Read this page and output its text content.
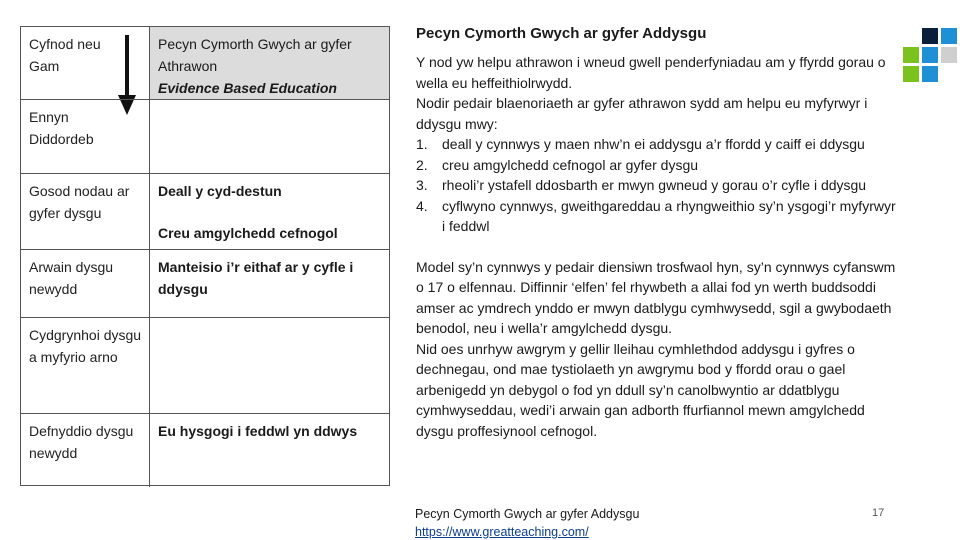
Cyfnod neu Gam
Pecyn Cymorth Gwych ar gyfer Athrawon
Evidence Based Education
Ennyn Diddordeb
Gosod nodau ar gyfer dysgu
Deall y cyd-destun
Creu amgylchedd cefnogol
Arwain dysgu newydd
Manteisio i’r eithaf ar y cyfle i ddysgu
Cydgrynhoi dysgu a myfyrio arno
Defnyddio dysgu newydd
Eu hysgogi i feddwl yn ddwys
Pecyn Cymorth Gwych ar gyfer Addysgu
Y nod yw helpu athrawon i wneud gwell penderfyniadau am y ffyrdd gorau o wella eu heffeithiolrwydd.
Nodir pedair blaenoriaeth ar gyfer athrawon sydd am helpu eu myfyrwyr i ddysgu mwy:
1. deall y cynnwys y maen nhw’n ei addysgu a’r ffordd y caiff ei ddysgu
2. creu amgylchedd cefnogol ar gyfer dysgu
3. rheoli’r ystafell ddosbarth er mwyn gwneud y gorau o’r cyfle i ddysgu
4. cyflwyno cynnwys, gweithgareddau a rhyngweithio sy’n ysgogi’r myfyrwyr i feddwl
Model sy’n cynnwys y pedair diensiwn trosfwaol hyn, sy’n cynnwys cyfanswm o 17 o elfennau. Diffinnir ‘elfen’ fel rhywbeth a allai fod yn werth buddsoddi amser ac ymdrech ynddo er mwyn datblygu cymhwysedd, sgil a gwybodaeth benodol, neu i wella’r amgylchedd dysgu.
Nid oes unrhyw awgrym y gellir lleihau cymhlethdod addysgu i gyfres o dechnegau, ond mae tystiolaeth yn awgrymu bod y ffordd orau o gael arbenigedd yn debygol o fod yn ddull sy’n canolbwyntio ar ddatblygu cymhwyseddau, wedi’i arwain gan adborth ffurfiannol mewn amgylchedd dysgu proffesiynool cefnogol.
Pecyn Cymorth Gwych ar gyfer Addysgu
https://www.greatteaching.com/
17
